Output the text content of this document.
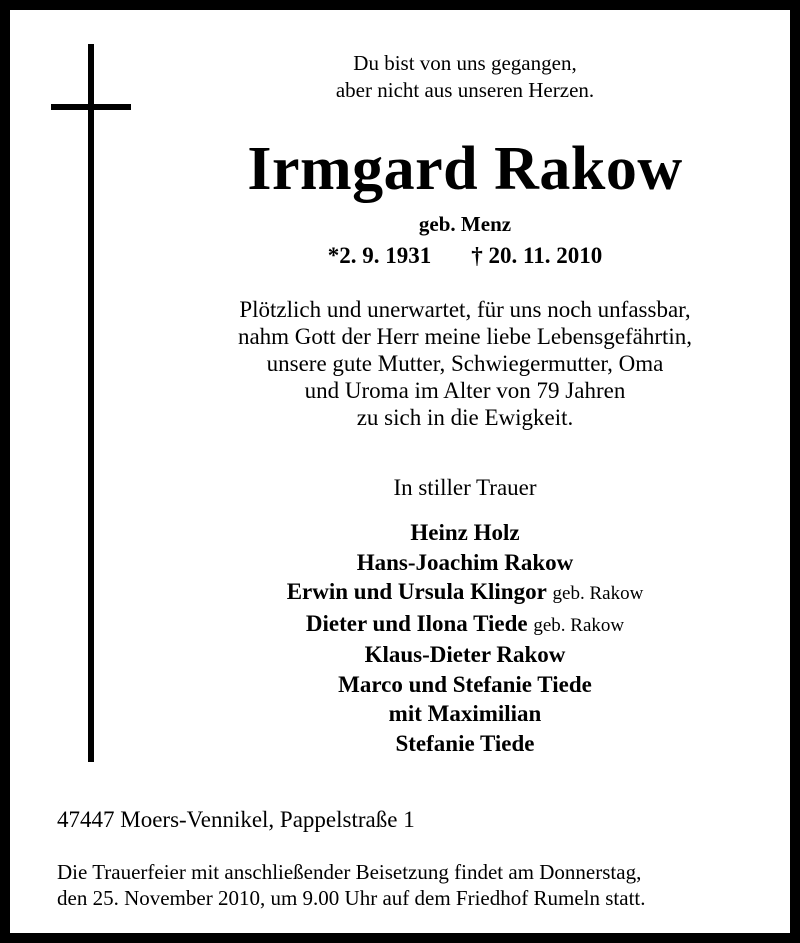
Du bist von uns gegangen,
aber nicht aus unseren Herzen.
Irmgard Rakow
geb. Menz
*2. 9. 1931 † 20. 11. 2010
Plötzlich und unerwartet, für uns noch unfassbar,
nahm Gott der Herr meine liebe Lebensgefährtin,
unsere gute Mutter, Schwiegermutter, Oma
und Uroma im Alter von 79 Jahren
zu sich in die Ewigkeit.
In stiller Trauer
Heinz Holz
Hans-Joachim Rakow
Erwin und Ursula Klingor geb. Rakow
Dieter und Ilona Tiede geb. Rakow
Klaus-Dieter Rakow
Marco und Stefanie Tiede
mit Maximilian
Stefanie Tiede
47447 Moers-Vennikel, Pappelstraße 1
Die Trauerfeier mit anschließender Beisetzung findet am Donnerstag,
den 25. November 2010, um 9.00 Uhr auf dem Friedhof Rumeln statt.
